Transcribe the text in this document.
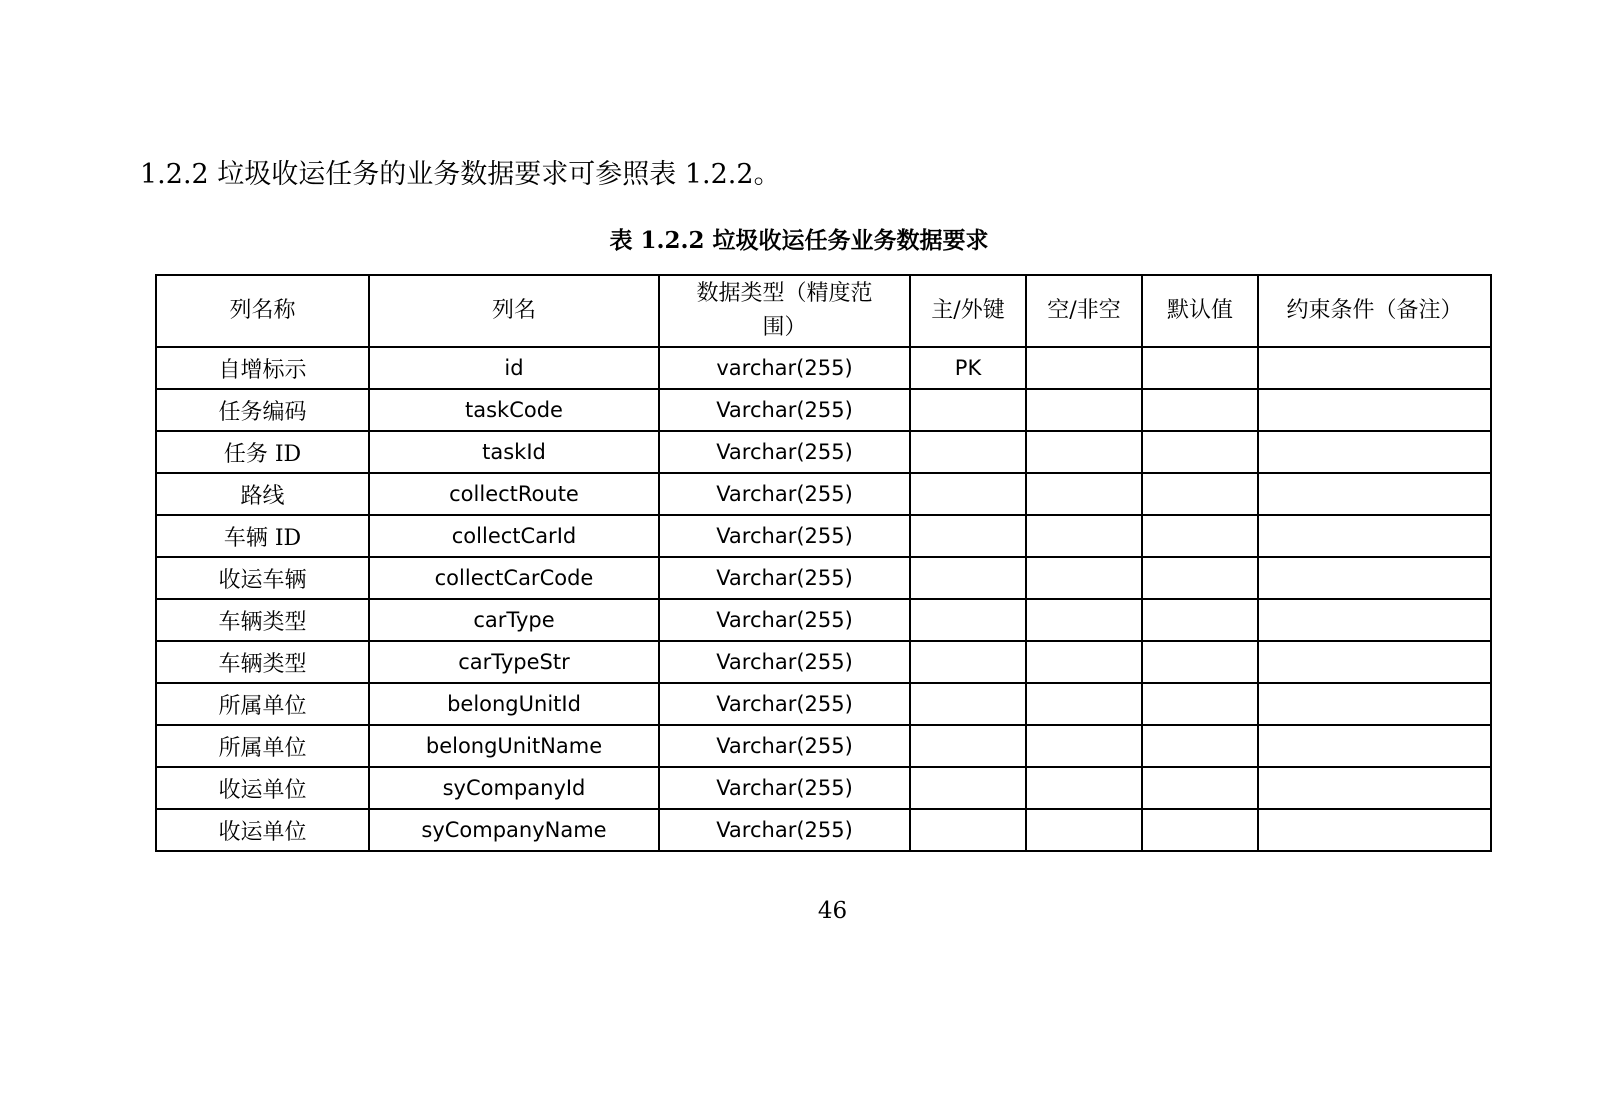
1.2.2 垃圾收运任务的业务数据要求可参照表 1.2.2。
表 1.2.2 垃圾收运任务业务数据要求
列名称	列名	数据类型（精度范围）	主/外键	空/非空	默认值	约束条件（备注）
自增标示	id	varchar(255)	PK			
任务编码	taskCode	Varchar(255)				
任务 ID	taskId	Varchar(255)				
路线	collectRoute	Varchar(255)				
车辆 ID	collectCarId	Varchar(255)				
收运车辆	collectCarCode	Varchar(255)				
车辆类型	carType	Varchar(255)				
车辆类型	carTypeStr	Varchar(255)				
所属单位	belongUnitId	Varchar(255)				
所属单位	belongUnitName	Varchar(255)				
收运单位	syCompanyId	Varchar(255)				
收运单位	syCompanyName	Varchar(255)				
46
